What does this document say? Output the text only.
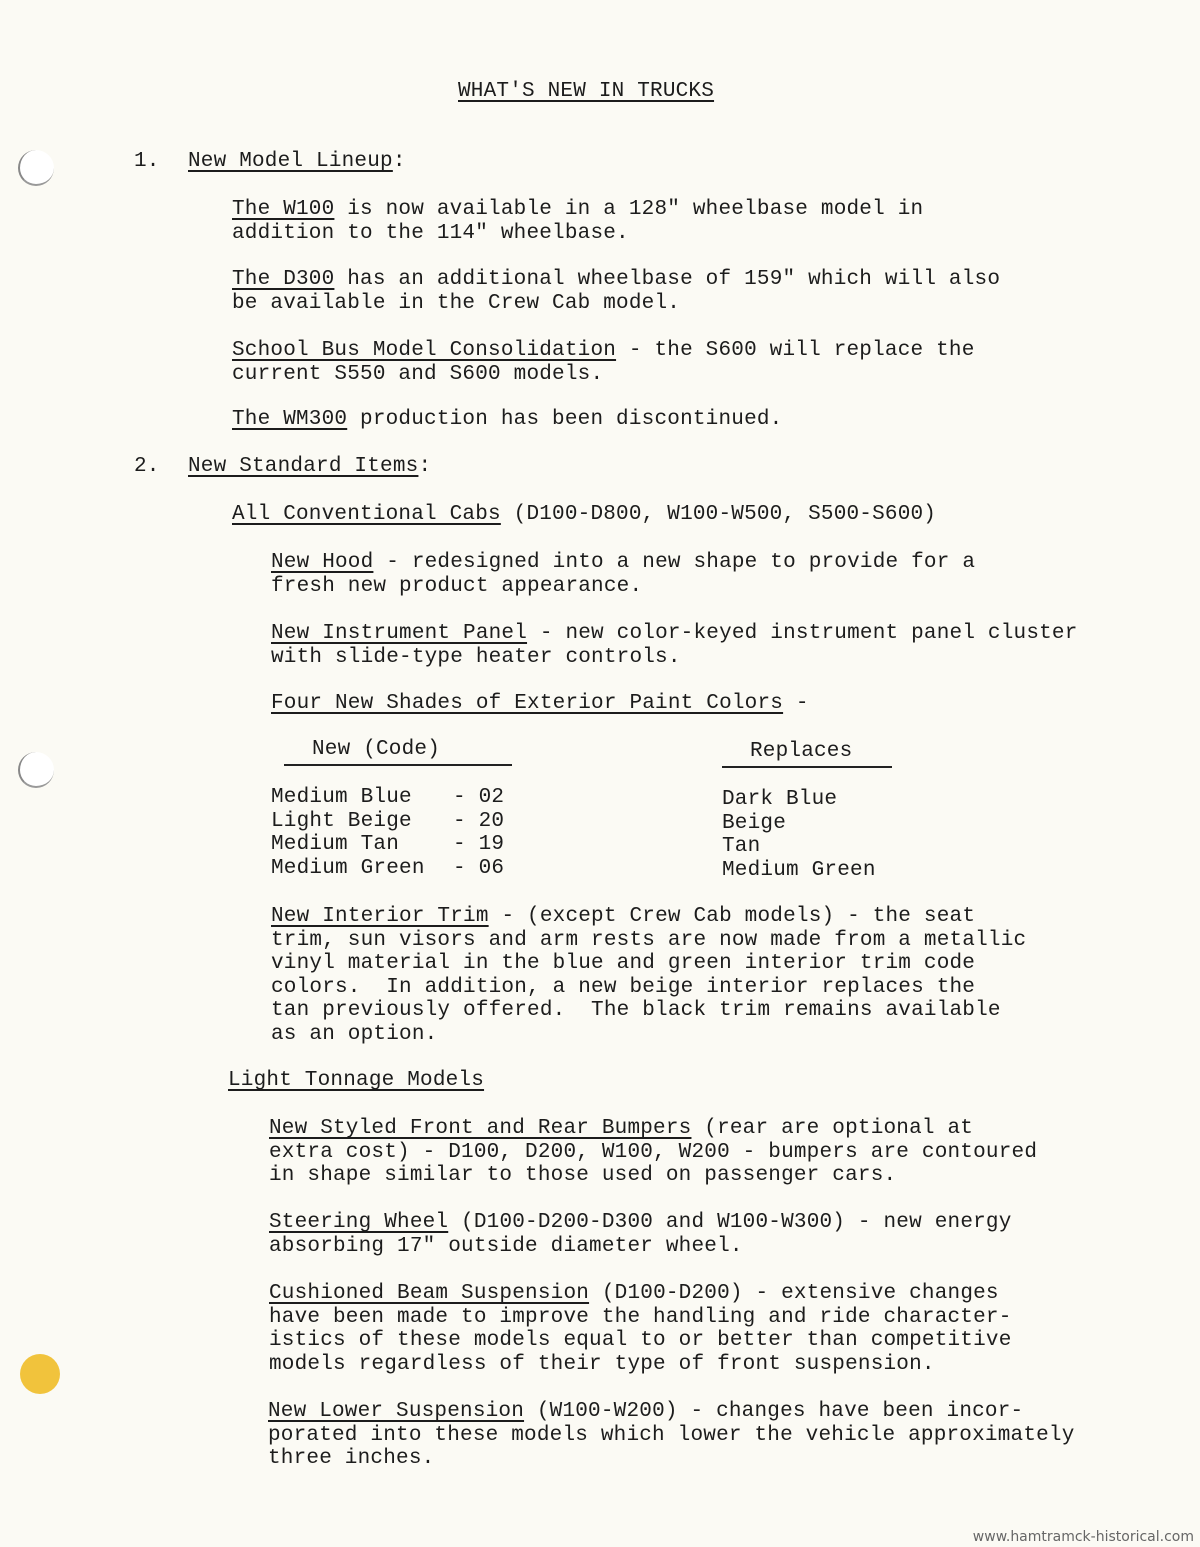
WHAT'S NEW IN TRUCKS
1. New Model Lineup:
The W100 is now available in a 128" wheelbase model in
addition to the 114" wheelbase.
The D300 has an additional wheelbase of 159" which will also
be available in the Crew Cab model.
School Bus Model Consolidation - the S600 will replace the
current S550 and S600 models.
The WM300 production has been discontinued.
2. New Standard Items:
All Conventional Cabs (D100-D800, W100-W500, S500-S600)
New Hood - redesigned into a new shape to provide for a
fresh new product appearance.
New Instrument Panel - new color-keyed instrument panel cluster
with slide-type heater controls.
Four New Shades of Exterior Paint Colors -
New (Code)	Replaces
Medium Blue - 02	Dark Blue
Light Beige - 20	Beige
Medium Tan	- 19	Tan
Medium Green - 06	Medium Green
New Interior Trim - (except Crew Cab models) - the seat
trim, sun visors and arm rests are now made from a metallic
vinyl material in the blue and green interior trim code
colors.  In addition, a new beige interior replaces the
tan previously offered.  The black trim remains available
as an option.
Light Tonnage Models
New Styled Front and Rear Bumpers (rear are optional at
extra cost) - D100, D200, W100, W200 - bumpers are contoured
in shape similar to those used on passenger cars.
Steering Wheel (D100-D200-D300 and W100-W300) - new energy
absorbing 17" outside diameter wheel.
Cushioned Beam Suspension (D100-D200) - extensive changes
have been made to improve the handling and ride character-
istics of these models equal to or better than competitive
models regardless of their type of front suspension.
New Lower Suspension (W100-W200) - changes have been incor-
porated into these models which lower the vehicle approximately
three inches.
www.hamtramck-historical.com
